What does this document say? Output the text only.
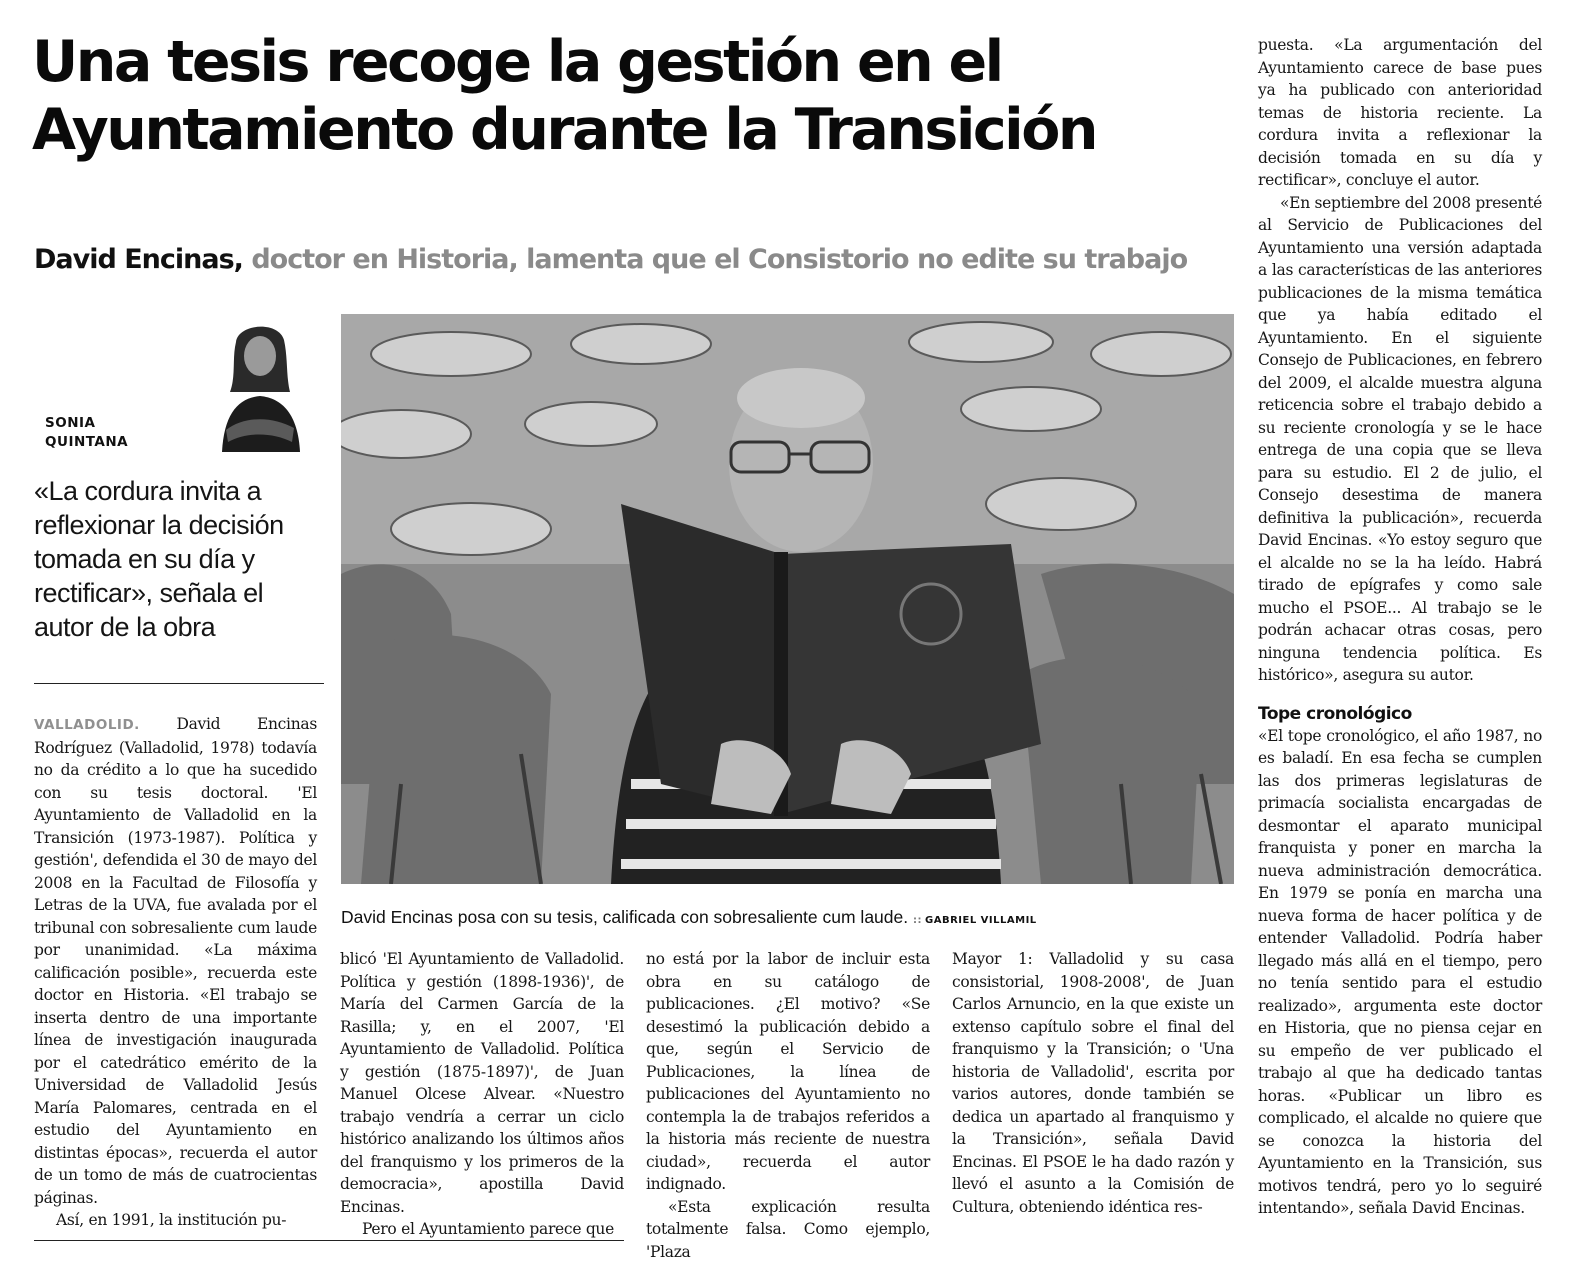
Una tesis recoge la gestión en el Ayuntamiento durante la Transición
David Encinas, doctor en Historia, lamenta que el Consistorio no edite su trabajo

SONIA
QUINTANA

«La cordura invita a reflexionar la decisión tomada en su día y rectificar», señala el autor de la obra

David Encinas posa con su tesis, calificada con sobresaliente cum laude. :: GABRIEL VILLAMIL

VALLADOLID. David Encinas Rodríguez (Valladolid, 1978) todavía no da crédito a lo que ha sucedido con su tesis doctoral. 'El Ayuntamiento de Valladolid en la Transición (1973-1987). Política y gestión', defendida el 30 de mayo del 2008 en la Facultad de Filosofía y Letras de la UVA, fue avalada por el tribunal con sobresaliente cum laude por unanimidad. «La máxima calificación posible», recuerda este doctor en Historia. «El trabajo se inserta dentro de una importante línea de investigación inaugurada por el catedrático emérito de la Universidad de Valladolid Jesús María Palomares, centrada en el estudio del Ayuntamiento en distintas épocas», recuerda el autor de un tomo de más de cuatrocientas páginas.

Así, en 1991, la institución pu-

blicó 'El Ayuntamiento de Valladolid. Política y gestión (1898-1936)', de María del Carmen García de la Rasilla; y, en el 2007, 'El Ayuntamiento de Valladolid. Política y gestión (1875-1897)', de Juan Manuel Olcese Alvear. «Nuestro trabajo vendría a cerrar un ciclo histórico analizando los últimos años del franquismo y los primeros de la democracia», apostilla David Encinas.

Pero el Ayuntamiento parece que

no está por la labor de incluir esta obra en su catálogo de publicaciones. ¿El motivo? «Se desestimó la publicación debido a que, según el Servicio de Publicaciones, la línea de publicaciones del Ayuntamiento no contempla la de trabajos referidos a la historia más reciente de nuestra ciudad», recuerda el autor indignado.

«Esta explicación resulta totalmente falsa. Como ejemplo, 'Plaza

Mayor 1: Valladolid y su casa consistorial, 1908-2008', de Juan Carlos Arnuncio, en la que existe un extenso capítulo sobre el final del franquismo y la Transición; o 'Una historia de Valladolid', escrita por varios autores, donde también se dedica un apartado al franquismo y la Transición», señala David Encinas. El PSOE le ha dado razón y llevó el asunto a la Comisión de Cultura, obteniendo idéntica res-

puesta. «La argumentación del Ayuntamiento carece de base pues ya ha publicado con anterioridad temas de historia reciente. La cordura invita a reflexionar la decisión tomada en su día y rectificar», concluye el autor.

«En septiembre del 2008 presenté al Servicio de Publicaciones del Ayuntamiento una versión adaptada a las características de las anteriores publicaciones de la misma temática que ya había editado el Ayuntamiento. En el siguiente Consejo de Publicaciones, en febrero del 2009, el alcalde muestra alguna reticencia sobre el trabajo debido a su reciente cronología y se le hace entrega de una copia que se lleva para su estudio. El 2 de julio, el Consejo desestima de manera definitiva la publicación», recuerda David Encinas. «Yo estoy seguro que el alcalde no se la ha leído. Habrá tirado de epígrafes y como sale mucho el PSOE... Al trabajo se le podrán achacar otras cosas, pero ninguna tendencia política. Es histórico», asegura su autor.

Tope cronológico

«El tope cronológico, el año 1987, no es baladí. En esa fecha se cumplen las dos primeras legislaturas de primacía socialista encargadas de desmontar el aparato municipal franquista y poner en marcha la nueva administración democrática. En 1979 se ponía en marcha una nueva forma de hacer política y de entender Valladolid. Podría haber llegado más allá en el tiempo, pero no tenía sentido para el estudio realizado», argumenta este doctor en Historia, que no piensa cejar en su empeño de ver publicado el trabajo al que ha dedicado tantas horas. «Publicar un libro es complicado, el alcalde no quiere que se conozca la historia del Ayuntamiento en la Transición, sus motivos tendrá, pero yo lo seguiré intentando», señala David Encinas.
